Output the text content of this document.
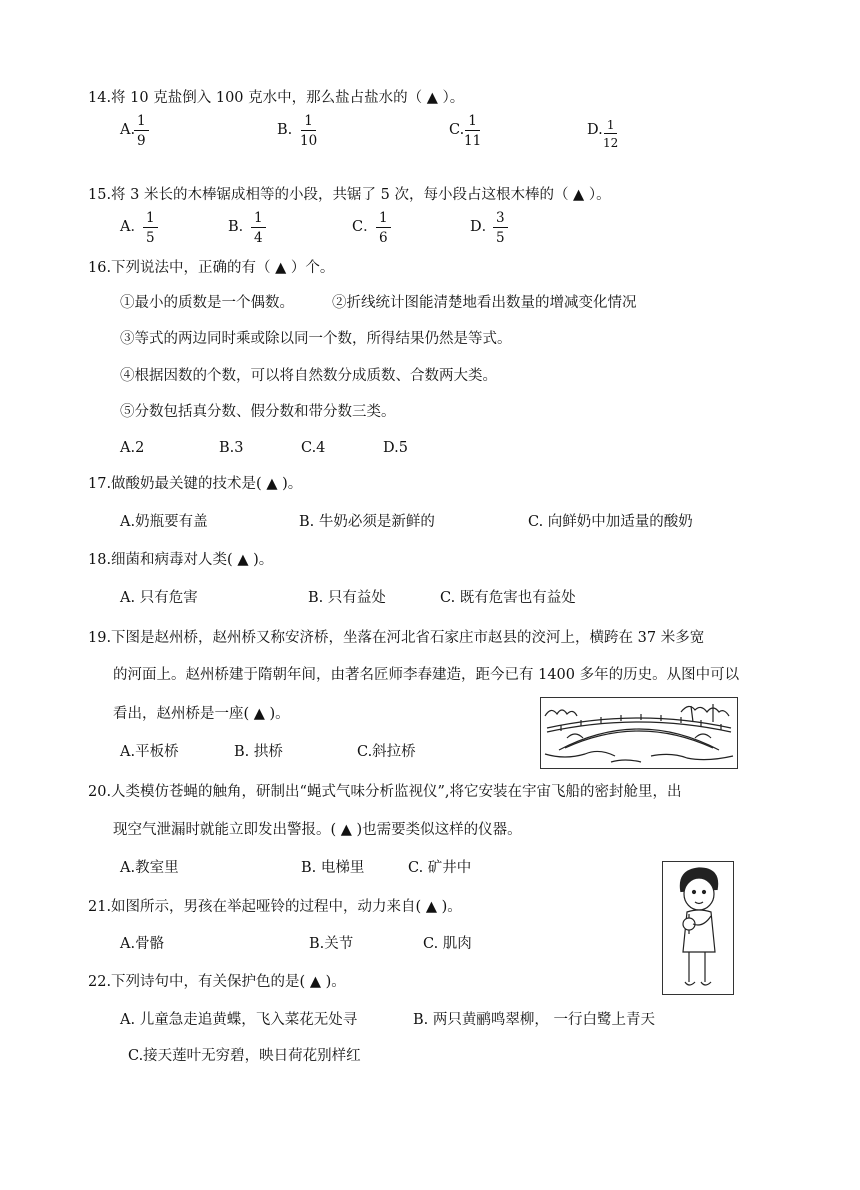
14.将 10 克盐倒入 100 克水中，那么盐占盐水的（ ▲ ）。
A.
$\frac{1}{9}$	B. $\frac{1}{10}$	C. $\frac{1}{11}$	D. $\frac{1}{12}$
15.将 3 米长的木棒锯成相等的小段，共锯了 5 次，每小段占这根木棒的（ ▲ ）。
A．
$\frac{1}{5}$	B．
$\frac{1}{4}$	C．
$\frac{1}{6}$	D．
$\frac{3}{5}$
16.下列说法中，正确的有（ ▲ ）个。
①最小的质数是一个偶数。	②折线统计图能清楚地看出数量的增减变化情况
③等式的两边同时乘或除以同一个数，所得结果仍然是等式。
④根据因数的个数，可以将自然数分成质数、合数两大类。
⑤分数包括真分数、假分数和带分数三类。
A.2	B.3	C.4	D.5
17.做酸奶最关键的技术是( ▲ )。
A.奶瓶要有盖	B. 牛奶必须是新鲜的	C. 向鲜奶中加适量的酸奶
18.细菌和病毒对人类( ▲ )。
A. 只有危害	B. 只有益处	C. 既有危害也有益处
19.下图是赵州桥，赵州桥又称安济桥，坐落在河北省石家庄市赵县的洨河上，横跨在 37 米多宽
的河面上。赵州桥建于隋朝年间，由著名匠师李春建造，距今已有 1400 多年的历史。从图中可以
看出，赵州桥是一座( ▲ )。
A.平板桥	B. 拱桥	C.斜拉桥
20.人类模仿苍蝇的触角，研制出“蝇式气味分析监视仪”,将它安装在宇宙飞船的密封舱里，出
现空气泄漏时就能立即发出警报。( ▲ )也需要类似这样的仪器。
A.教室里	B. 电梯里	C. 矿井中
21.如图所示，男孩在举起哑铃的过程中，动力来自( ▲ )。
A.骨骼	B.关节	C. 肌肉
22.下列诗句中，有关保护色的是( ▲ )。
A. 儿童急走追黄蝶，飞入菜花无处寻	B. 两只黄鹂鸣翠柳， 一行白鹭上青天
C.接天莲叶无穷碧，映日荷花别样红
